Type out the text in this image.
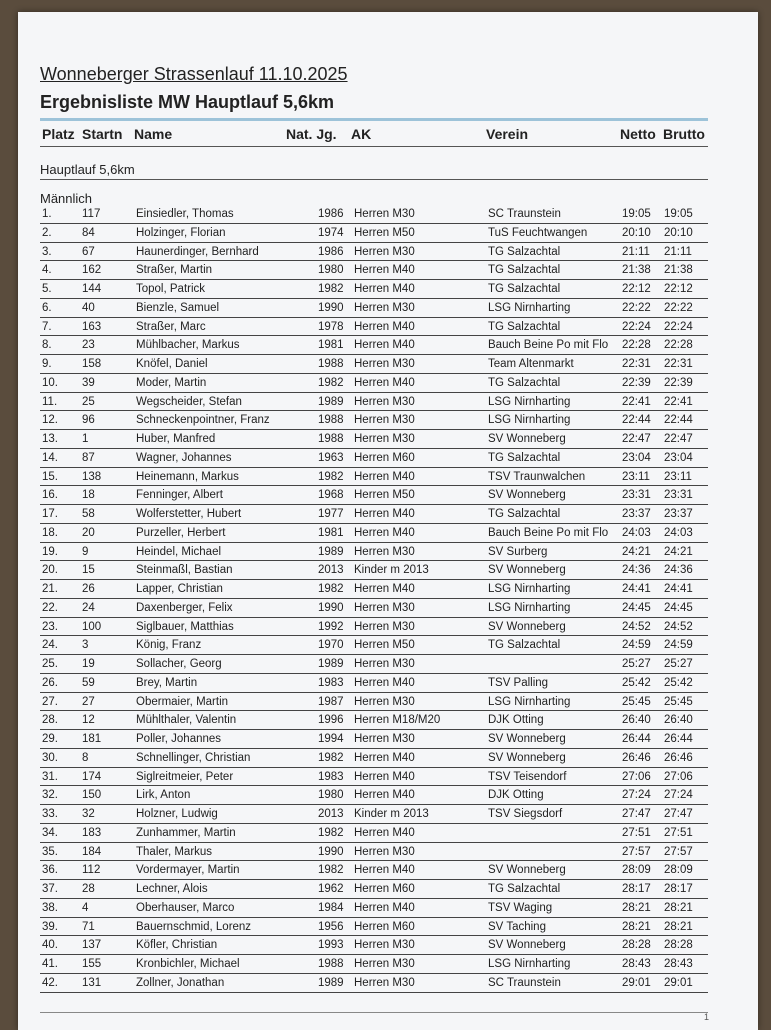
Wonneberger Strassenlauf 11.10.2025
Ergebnisliste MW Hauptlauf 5,6km
Platz Startn Name	Nat. Jg. AK	Verein	Netto Brutto
Hauptlauf 5,6km
Männlich
1.	117	Einsiedler, Thomas	1986 Herren M30	SC Traunstein	19:05 19:05
2.	84	Holzinger, Florian	1974 Herren M50	TuS Feuchtwangen	20:10 20:10
3.	67	Haunerdinger, Bernhard	1986 Herren M30	TG Salzachtal	21:11 21:11
4.	162	Straßer, Martin	1980 Herren M40	TG Salzachtal	21:38 21:38
5.	144	Topol, Patrick	1982 Herren M40	TG Salzachtal	22:12 22:12
6.	40	Bienzle, Samuel	1990 Herren M30	LSG Nirnharting	22:22 22:22
7.	163	Straßer, Marc	1978 Herren M40	TG Salzachtal	22:24 22:24
8.	23	Mühlbacher, Markus	1981 Herren M40	Bauch Beine Po mit Flo	22:28 22:28
9.	158	Knöfel, Daniel	1988 Herren M30	Team Altenmarkt	22:31 22:31
10. 39	Moder, Martin	1982 Herren M40	TG Salzachtal	22:39 22:39
11. 25	Wegscheider, Stefan	1989 Herren M30	LSG Nirnharting	22:41 22:41
12. 96	Schneckenpointner, Franz	1988 Herren M30	LSG Nirnharting	22:44 22:44
13. 1	Huber, Manfred	1988 Herren M30	SV Wonneberg	22:47 22:47
14. 87	Wagner, Johannes	1963 Herren M60	TG Salzachtal	23:04 23:04
15. 138	Heinemann, Markus	1982 Herren M40	TSV Traunwalchen	23:11 23:11
16. 18	Fenninger, Albert	1968 Herren M50	SV Wonneberg	23:31 23:31
17. 58	Wolferstetter, Hubert	1977 Herren M40	TG Salzachtal	23:37 23:37
18. 20	Purzeller, Herbert	1981 Herren M40	Bauch Beine Po mit Flo	24:03 24:03
19. 9	Heindel, Michael	1989 Herren M30	SV Surberg	24:21 24:21
20. 15	Steinmaßl, Bastian	2013 Kinder m 2013	SV Wonneberg	24:36 24:36
21. 26	Lapper, Christian	1982 Herren M40	LSG Nirnharting	24:41 24:41
22. 24	Daxenberger, Felix	1990 Herren M30	LSG Nirnharting	24:45 24:45
23. 100	Siglbauer, Matthias	1992 Herren M30	SV Wonneberg	24:52 24:52
24. 3	König, Franz	1970 Herren M50	TG Salzachtal	24:59 24:59
25. 19	Sollacher, Georg	1989 Herren M30	25:27 25:27
26. 59	Brey, Martin	1983 Herren M40	TSV Palling	25:42 25:42
27. 27	Obermaier, Martin	1987 Herren M30	LSG Nirnharting	25:45 25:45
28. 12	Mühlthaler, Valentin	1996 Herren M18/M20	DJK Otting	26:40 26:40
29. 181	Poller, Johannes	1994 Herren M30	SV Wonneberg	26:44 26:44
30. 8	Schnellinger, Christian	1982 Herren M40	SV Wonneberg	26:46 26:46
31. 174	Siglreitmeier, Peter	1983 Herren M40	TSV Teisendorf	27:06 27:06
32. 150	Lirk, Anton	1980 Herren M40	DJK Otting	27:24 27:24
33. 32	Holzner, Ludwig	2013 Kinder m 2013	TSV Siegsdorf	27:47 27:47
34. 183	Zunhammer, Martin	1982 Herren M40	27:51 27:51
35. 184	Thaler, Markus	1990 Herren M30	27:57 27:57
36. 112	Vordermayer, Martin	1982 Herren M40	SV Wonneberg	28:09 28:09
37. 28	Lechner, Alois	1962 Herren M60	TG Salzachtal	28:17 28:17
38. 4	Oberhauser, Marco	1984 Herren M40	TSV Waging	28:21 28:21
39. 71	Bauernschmid, Lorenz	1956 Herren M60	SV Taching	28:21 28:21
40. 137	Köfler, Christian	1993 Herren M30	SV Wonneberg	28:28 28:28
41. 155	Kronbichler, Michael	1988 Herren M30	LSG Nirnharting	28:43 28:43
42. 131	Zollner, Jonathan	1989 Herren M30	SC Traunstein	29:01 29:01
1
